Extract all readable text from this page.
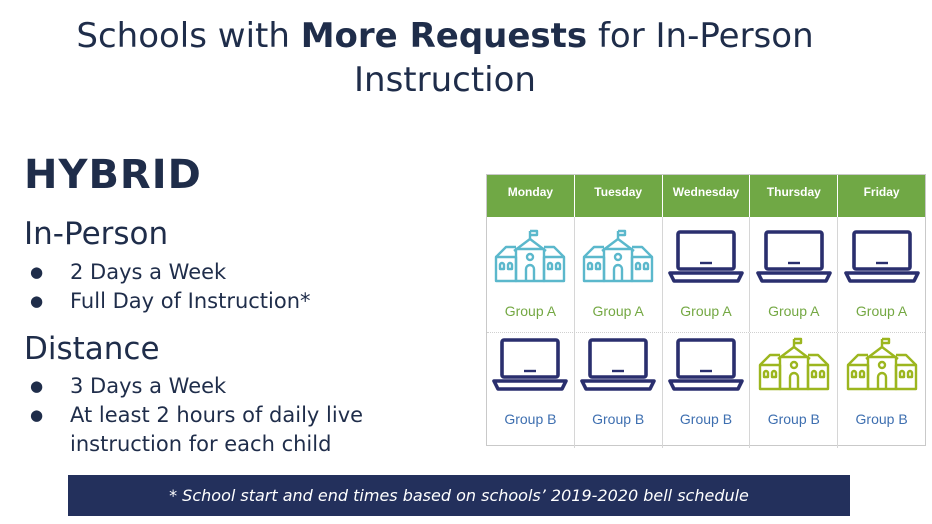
Schools with More Requests for In-Person Instruction
HYBRID
In-Person
● 2 Days a Week
● Full Day of Instruction*
Distance
● 3 Days a Week
● At least 2 hours of daily live instruction for each child
Monday	Tuesday	Wednesday	Thursday	Friday
Group A	Group A	Group A	Group A	Group A
Group B	Group B	Group B	Group B	Group B
* School start and end times based on schools’ 2019-2020 bell schedule
